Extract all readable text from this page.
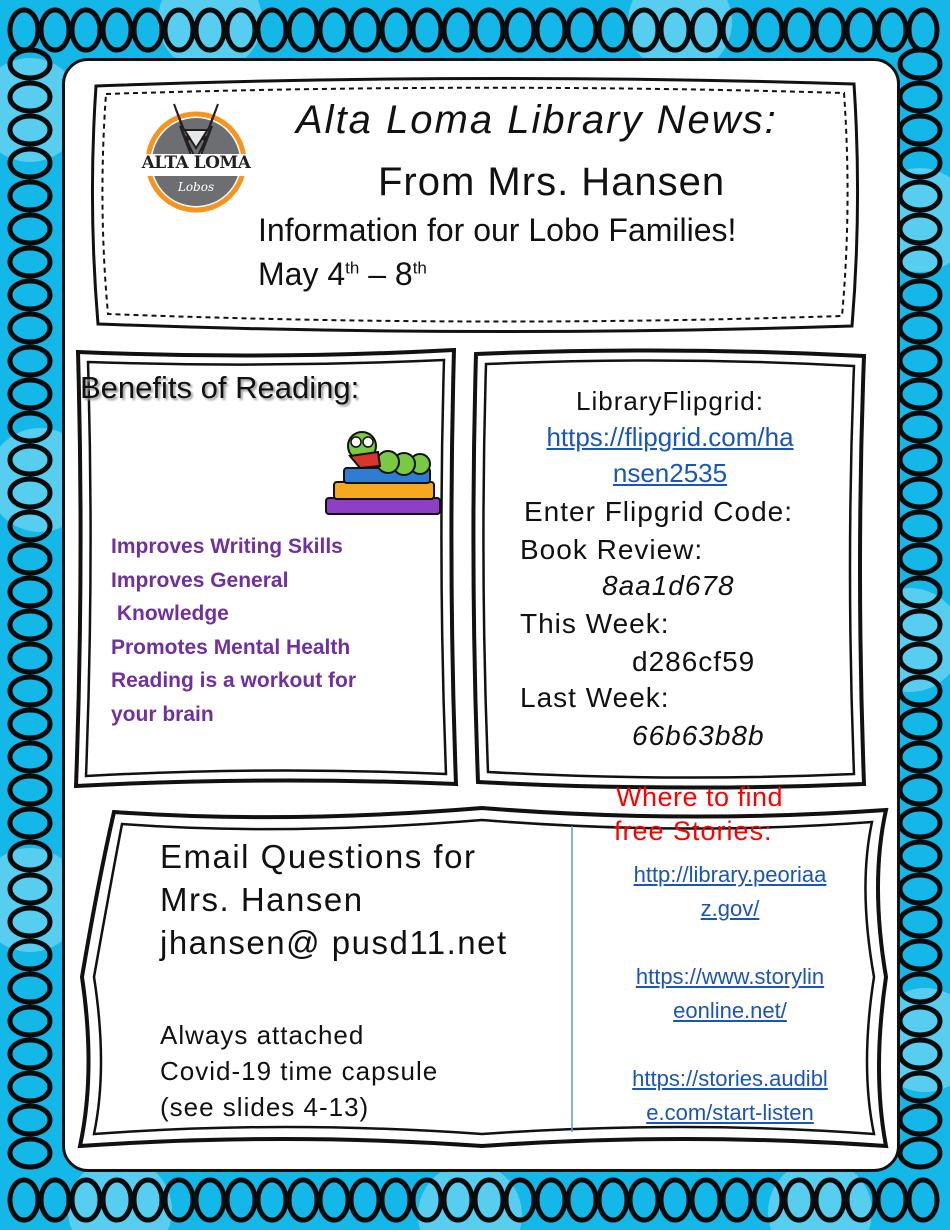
ALTA LOMA
Lobos
Alta Loma Library News:
From Mrs. Hansen
Information for our Lobo Families!
May 4th – 8th
Benefits of Reading:
Improves Writing Skills
Improves General
Knowledge
Promotes Mental Health
Reading is a workout for
your brain
LibraryFlipgrid:
https://flipgrid.com/ha
nsen2535
Enter Flipgrid Code:
Book Review:
8aa1d678
This Week:
d286cf59
Last Week:
66b63b8b
Email Questions for
Mrs. Hansen
jhansen@ pusd11.net
Always attached
Covid-19 time capsule
(see slides 4-13)
Where to find
free Stories:
http://library.peoriaa
z.gov/
https://www.storylin
eonline.net/
https://stories.audibl
e.com/start-listen
